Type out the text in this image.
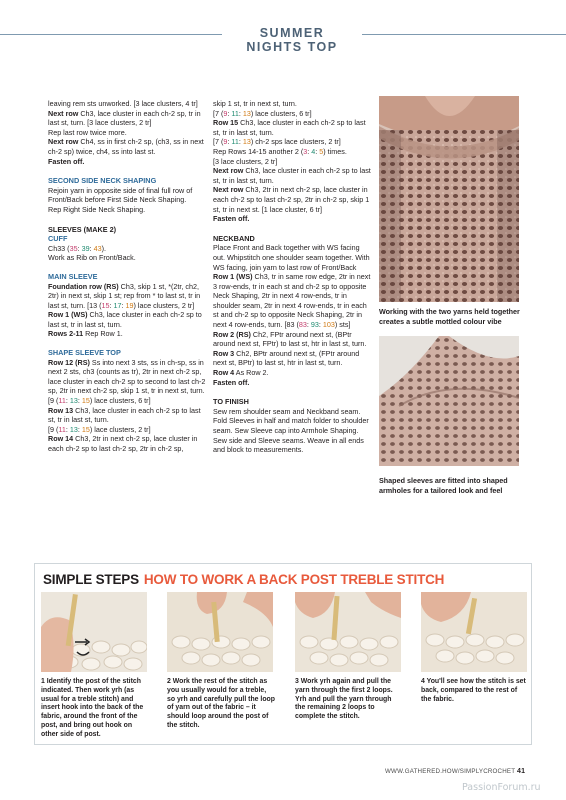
SUMMER NIGHTS TOP

leaving rem sts unworked. [3 lace clusters, 4 tr]

Next row Ch3, lace cluster in each ch-2 sp, tr in last st, turn. [3 lace clusters, 2 tr]

Rep last row twice more.

Next row Ch4, ss in first ch-2 sp, (ch3, ss in next ch-2 sp) twice, ch4, ss into last st.

Fasten off.

SECOND SIDE NECK SHAPING

Rejoin yarn in opposite side of final full row of Front/Back before First Side Neck Shaping.

Rep Right Side Neck Shaping.

SLEEVES (MAKE 2)

CUFF

Ch33 (35: 39: 43).

Work as Rib on Front/Back.

MAIN SLEEVE

Foundation row (RS) Ch3, skip 1 st, *(2tr, ch2, 2tr) in next st, skip 1 st; rep from * to last st, tr in last st, turn. [13 (15: 17: 19) lace clusters, 2 tr]

Row 1 (WS) Ch3, lace cluster in each ch-2 sp to last st, tr in last st, turn.

Rows 2-11 Rep Row 1.

SHAPE SLEEVE TOP

Row 12 (RS) Ss into next 3 sts, ss in ch-sp, ss in next 2 sts, ch3 (counts as tr), 2tr in next ch-2 sp, lace cluster in each ch-2 sp to second to last ch-2 sp, 2tr in next ch-2 sp, skip 1 st, tr in next st, turn. [9 (11: 13: 15) lace clusters, 6 tr]

Row 13 Ch3, lace cluster in each ch-2 sp to last st, tr in last st, turn.

[9 (11: 13: 15) lace clusters, 2 tr]

Row 14 Ch3, 2tr in next ch-2 sp, lace cluster in each ch-2 sp to last ch-2 sp, 2tr in ch-2 sp,

skip 1 st, tr in next st, turn.

[7 (9: 11: 13) lace clusters, 6 tr]

Row 15 Ch3, lace cluster in each ch-2 sp to last st, tr in last st, turn.

[7 (9: 11: 13) ch-2 sps lace clusters, 2 tr]

Rep Rows 14-15 another 2 (3: 4: 5) times.

[3 lace clusters, 2 tr]

Next row Ch3, lace cluster in each ch-2 sp to last st, tr in last st, turn.

Next row Ch3, 2tr in next ch-2 sp, lace cluster in each ch-2 sp to last ch-2 sp, 2tr in ch-2 sp, skip 1 st, tr in next st. [1 lace cluster, 6 tr]

Fasten off.

NECKBAND

Place Front and Back together with WS facing out. Whipstitch one shoulder seam together. With WS facing, join yarn to last row of Front/Back

Row 1 (WS) Ch3, tr in same row edge, 2tr in next 3 row-ends, tr in each st and ch-2 sp to opposite Neck Shaping, 2tr in next 4 row-ends, tr in shoulder seam, 2tr in next 4 row-ends, tr in each st and ch-2 sp to opposite Neck Shaping, 2tr in next 4 row-ends, turn. [83 (83: 93: 103) sts]

Row 2 (RS) Ch2, FPtr around next st, (BPtr around next st, FPtr) to last st, htr in last st, turn.

Row 3 Ch2, BPtr around next st, (FPtr around next st, BPtr) to last st, htr in last st, turn.

Row 4 As Row 2.

Fasten off.

TO FINISH

Sew rem shoulder seam and Neckband seam. Fold Sleeves in half and match folder to shoulder seam. Sew Sleeve cap into Armhole Shaping. Sew side and Sleeve seams. Weave in all ends and block to measurements.

Working with the two yarns held together creates a subtle mottled colour vibe
Shaped sleeves are fitted into shaped armholes for a tailored look and feel
SIMPLE STEPS HOW TO WORK A BACK POST TREBLE STITCH
1 Identify the post of the stitch indicated. Then work yrh (as usual for a treble stitch) and insert hook into the back of the fabric, around the front of the post, and bring out hook on other side of post.
2 Work the rest of the stitch as you usually would for a treble, so yrh and carefully pull the loop of yarn out of the fabric – it should loop around the post of the stitch.
3 Work yrh again and pull the yarn through the first 2 loops. Yrh and pull the yarn through the remaining 2 loops to complete the stitch.
4 You'll see how the stitch is set back, compared to the rest of the fabric.
WWW.GATHERED.HOW/SIMPLYCROCHET 41
PassionForum.ru
